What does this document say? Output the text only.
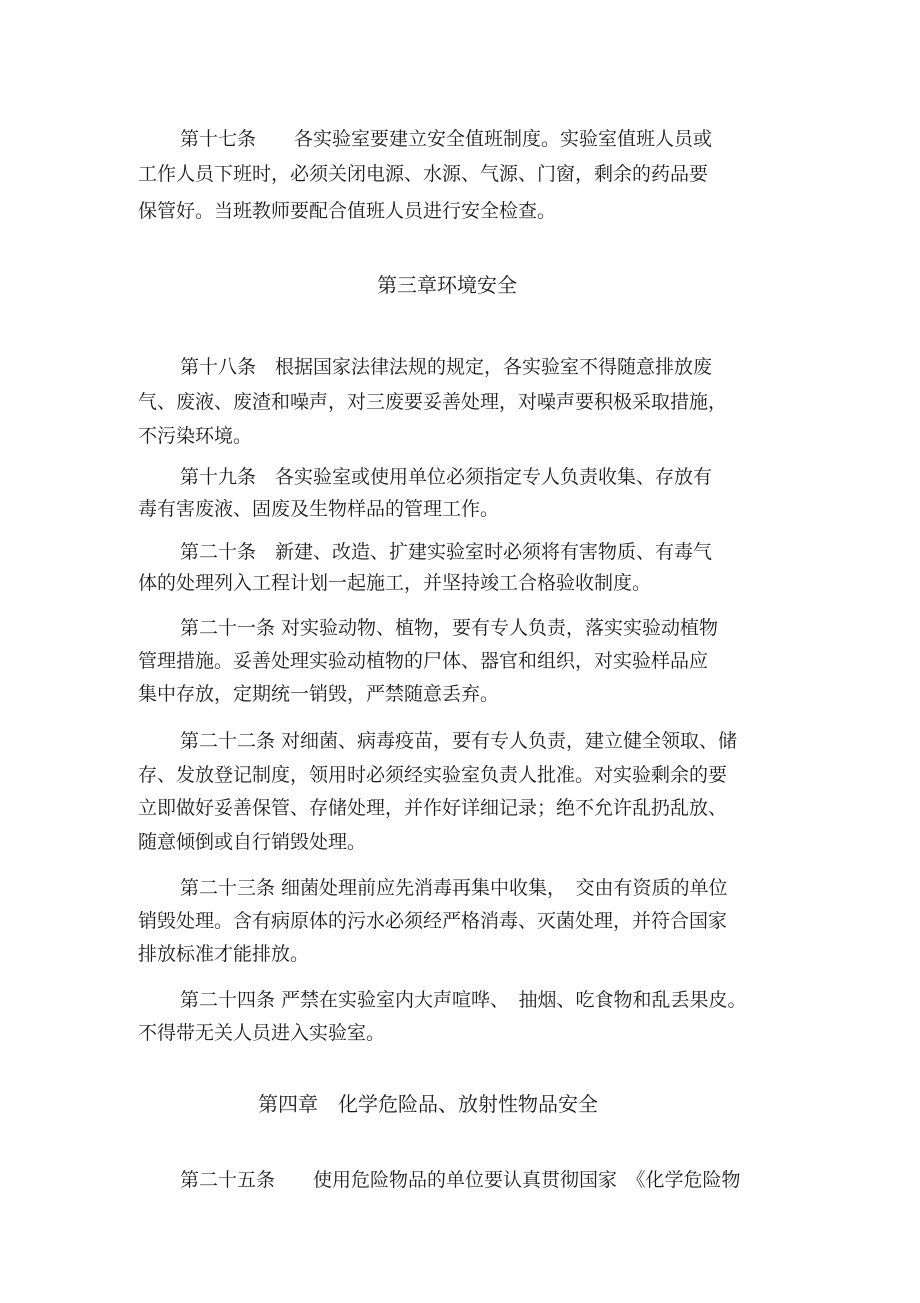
第十七条　　各实验室要建立安全值班制度。实验室值班人员或
工作人员下班时，必须关闭电源、水源、气源、门窗，剩余的药品要
保管好。当班教师要配合值班人员进行安全检查。
第三章环境安全
第十八条　根据国家法律法规的规定，各实验室不得随意排放废
气、废液、废渣和噪声，对三废要妥善处理，对噪声要积极采取措施，
不污染环境。
第十九条　各实验室或使用单位必须指定专人负责收集、存放有
毒有害废液、固废及生物样品的管理工作。
第二十条　新建、改造、扩建实验室时必须将有害物质、有毒气
体的处理列入工程计划一起施工，并坚持竣工合格验收制度。
第二十一条 对实验动物、植物，要有专人负责，落实实验动植物
管理措施。妥善处理实验动植物的尸体、器官和组织，对实验样品应
集中存放，定期统一销毁，严禁随意丢弃。
第二十二条 对细菌、病毒疫苗，要有专人负责，建立健全领取、储
存、发放登记制度，领用时必须经实验室负责人批准。对实验剩余的要
立即做好妥善保管、存储处理，并作好详细记录；绝不允许乱扔乱放、
随意倾倒或自行销毁处理。
第二十三条 细菌处理前应先消毒再集中收集，　交由有资质的单位
销毁处理。含有病原体的污水必须经严格消毒、灭菌处理，并符合国家
排放标准才能排放。
第二十四条 严禁在实验室内大声喧哗、　抽烟、吃食物和乱丢果皮。
不得带无关人员进入实验室。
第四章　化学危险品、放射性物品安全
第二十五条　　使用危险物品的单位要认真贯彻国家　《化学危险物
